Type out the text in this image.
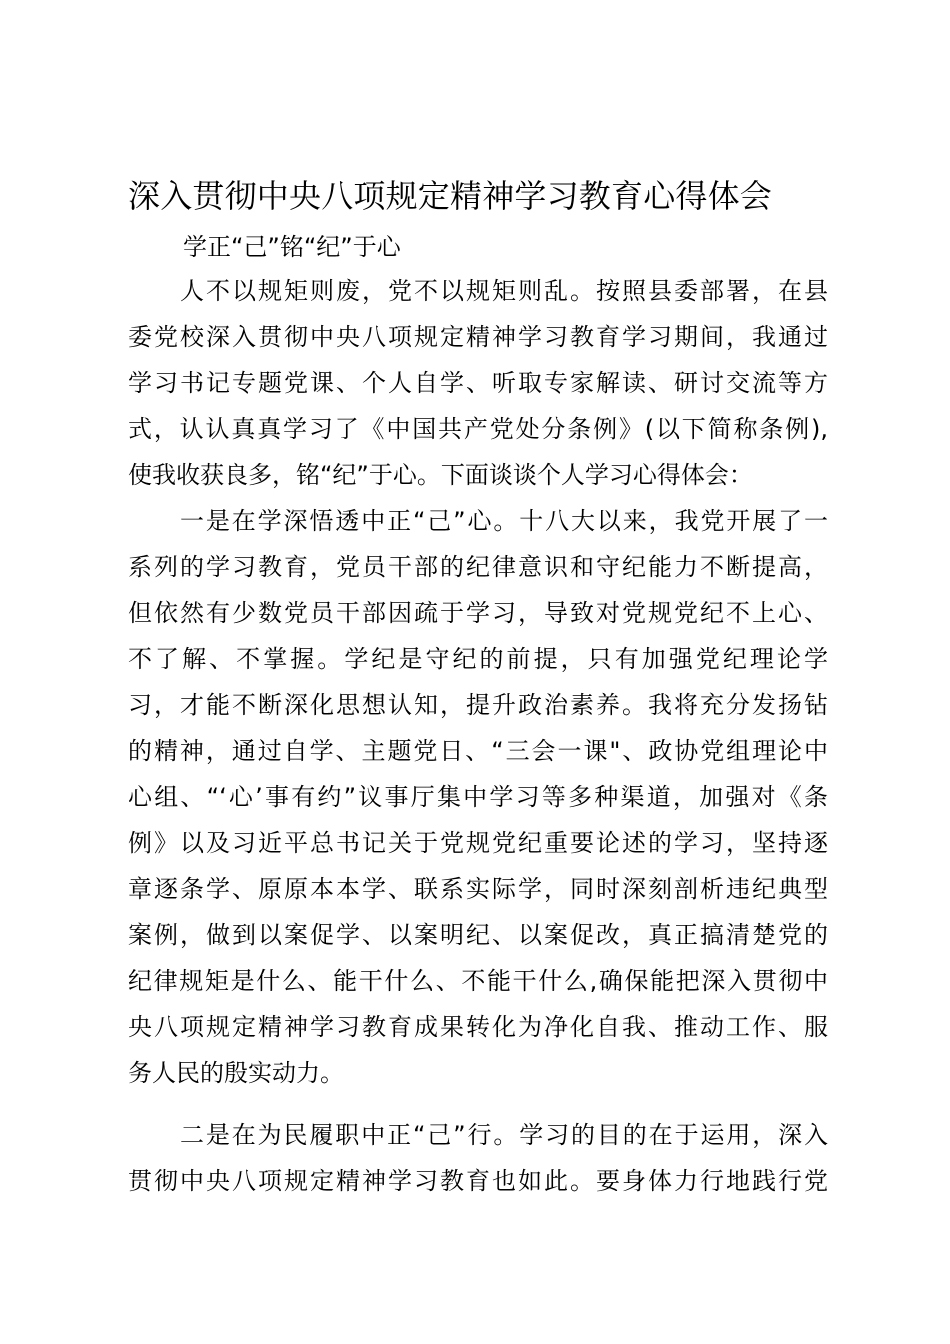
深入贯彻中央八项规定精神学习教育心得体会
学正“己”铭“纪”于心
人不以规矩则废，党不以规矩则乱。按照县委部署，在县
委党校深入贯彻中央八项规定精神学习教育学习期间，我通过
学习书记专题党课、个人自学、听取专家解读、研讨交流等方
式，认认真真学习了《中国共产党处分条例》(以下简称条例),
使我收获良多，铭“纪”于心。下面谈谈个人学习心得体会：
一是在学深悟透中正“己”心。十八大以来，我党开展了一
系列的学习教育，党员干部的纪律意识和守纪能力不断提高，
但依然有少数党员干部因疏于学习，导致对党规党纪不上心、
不了解、不掌握。学纪是守纪的前提，只有加强党纪理论学
习，才能不断深化思想认知，提升政治素养。我将充分发扬钻
的精神，通过自学、主题党日、“三会一课"、政协党组理论中
心组、“‘心’事有约”议事厅集中学习等多种渠道，加强对《条
例》以及习近平总书记关于党规党纪重要论述的学习，坚持逐
章逐条学、原原本本学、联系实际学，同时深刻剖析违纪典型
案例，做到以案促学、以案明纪、以案促改，真正搞清楚党的
纪律规矩是什么、能干什么、不能干什么,确保能把深入贯彻中
央八项规定精神学习教育成果转化为净化自我、推动工作、服
务人民的殷实动力。
二是在为民履职中正“己”行。学习的目的在于运用，深入
贯彻中央八项规定精神学习教育也如此。要身体力行地践行党
